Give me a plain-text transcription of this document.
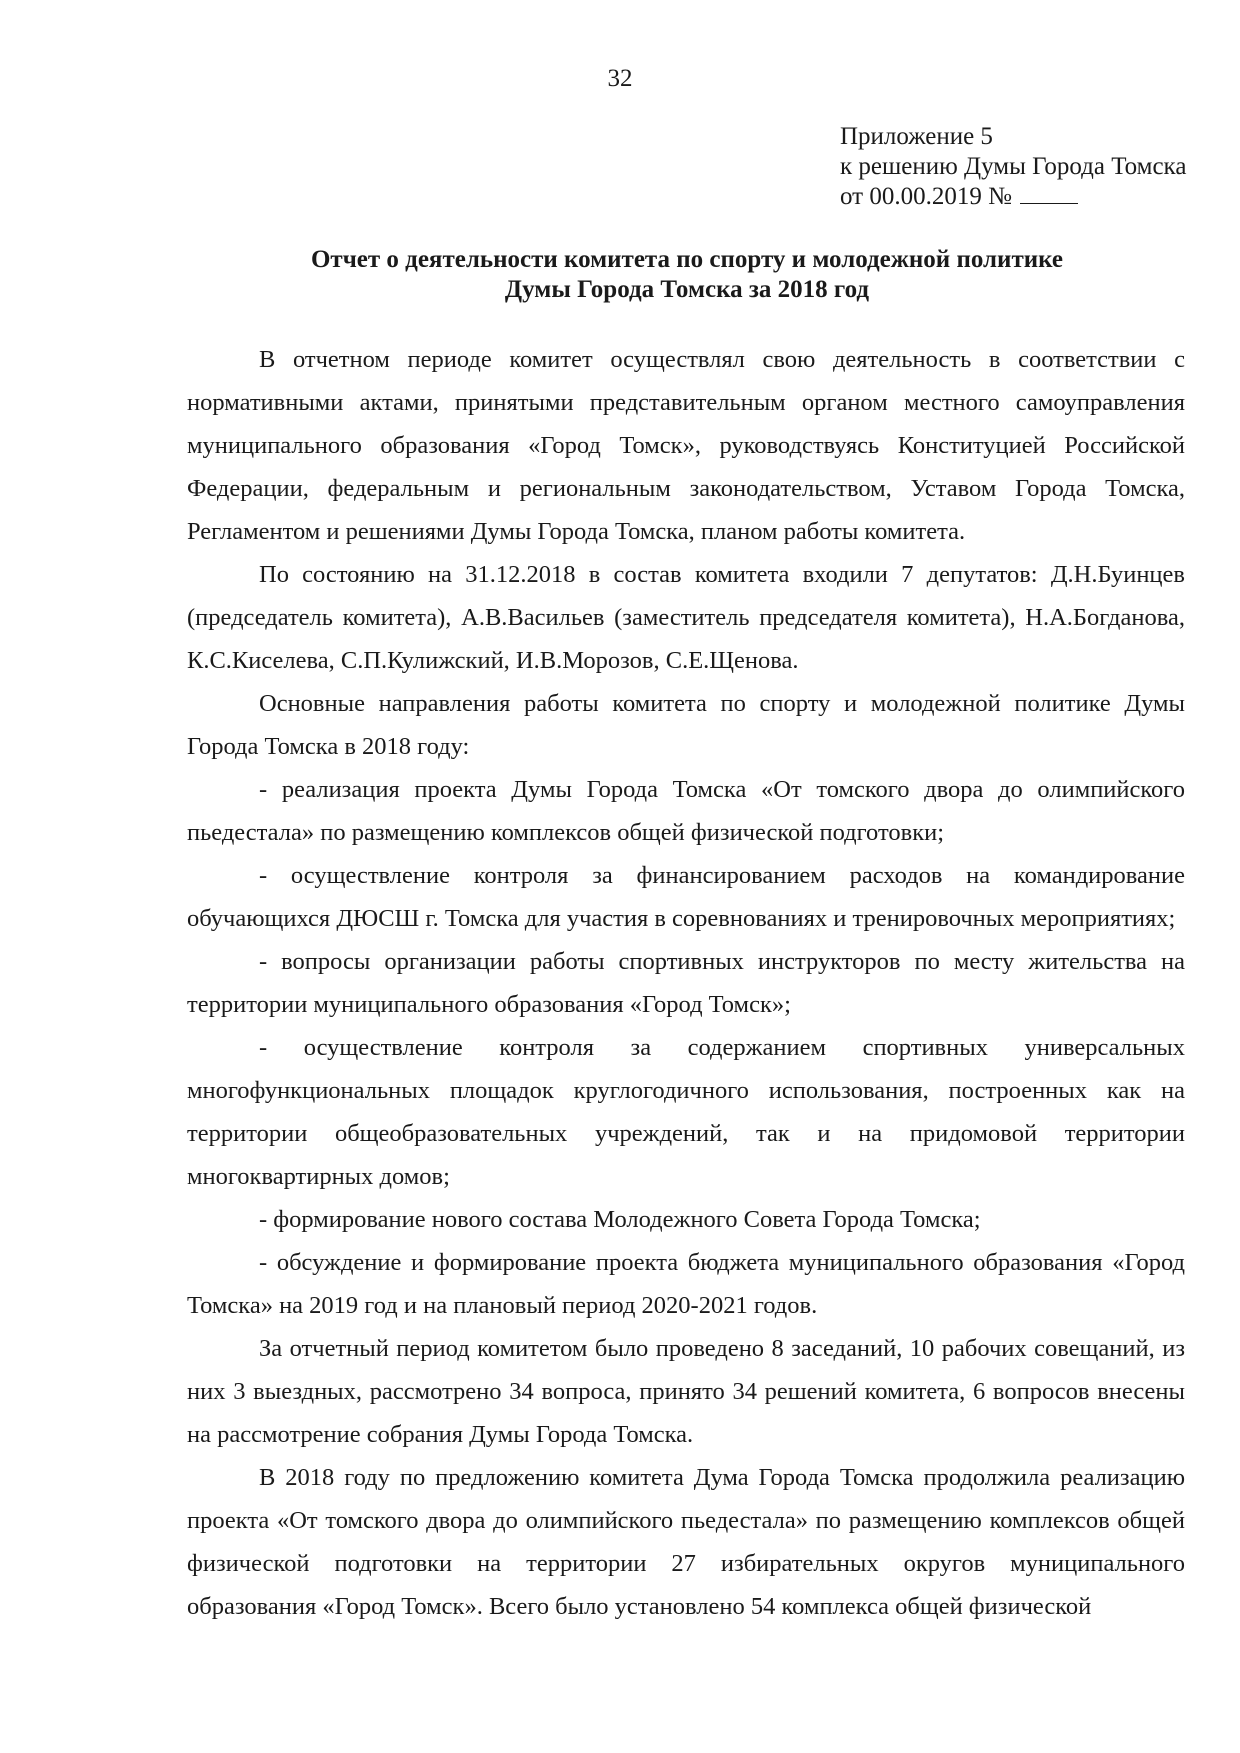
32
Приложение 5
к решению Думы Города Томска
от 00.00.2019 №
Отчет о деятельности комитета по спорту и молодежной политике
Думы Города Томска за 2018 год

В отчетном периоде комитет осуществлял свою деятельность в соответствии с нормативными актами, принятыми представительным органом местного самоуправления муниципального образования «Город Томск», руководствуясь Конституцией Российской Федерации, федеральным и региональным законодательством, Уставом Города Томска, Регламентом и решениями Думы Города Томска, планом работы комитета.

По состоянию на 31.12.2018 в состав комитета входили 7 депутатов: Д.Н.Буинцев (председатель комитета), А.В.Васильев (заместитель председателя комитета), Н.А.Богданова, К.С.Киселева, С.П.Кулижский, И.В.Морозов, С.Е.Щенова.

Основные направления работы комитета по спорту и молодежной политике Думы Города Томска в 2018 году:

- реализация проекта Думы Города Томска «От томского двора до олимпийского пьедестала» по размещению комплексов общей физической подготовки;

- осуществление контроля за финансированием расходов на командирование обучающихся ДЮСШ г. Томска для участия в соревнованиях и тренировочных мероприятиях;

- вопросы организации работы спортивных инструкторов по месту жительства на территории муниципального образования «Город Томск»;

- осуществление контроля за содержанием спортивных универсальных многофункциональных площадок круглогодичного использования, построенных как на территории общеобразовательных учреждений, так и на придомовой территории многоквартирных домов;

- формирование нового состава Молодежного Совета Города Томска;

- обсуждение и формирование проекта бюджета муниципального образования «Город Томска» на 2019 год и на плановый период 2020-2021 годов.

За отчетный период комитетом было проведено 8 заседаний, 10 рабочих совещаний, из них 3 выездных, рассмотрено 34 вопроса, принято 34 решений комитета, 6 вопросов внесены на рассмотрение собрания Думы Города Томска.

В 2018 году по предложению комитета Дума Города Томска продолжила реализацию проекта «От томского двора до олимпийского пьедестала» по размещению комплексов общей физической подготовки на территории 27 избирательных округов муниципального образования «Город Томск». Всего было установлено 54 комплекса общей физической
